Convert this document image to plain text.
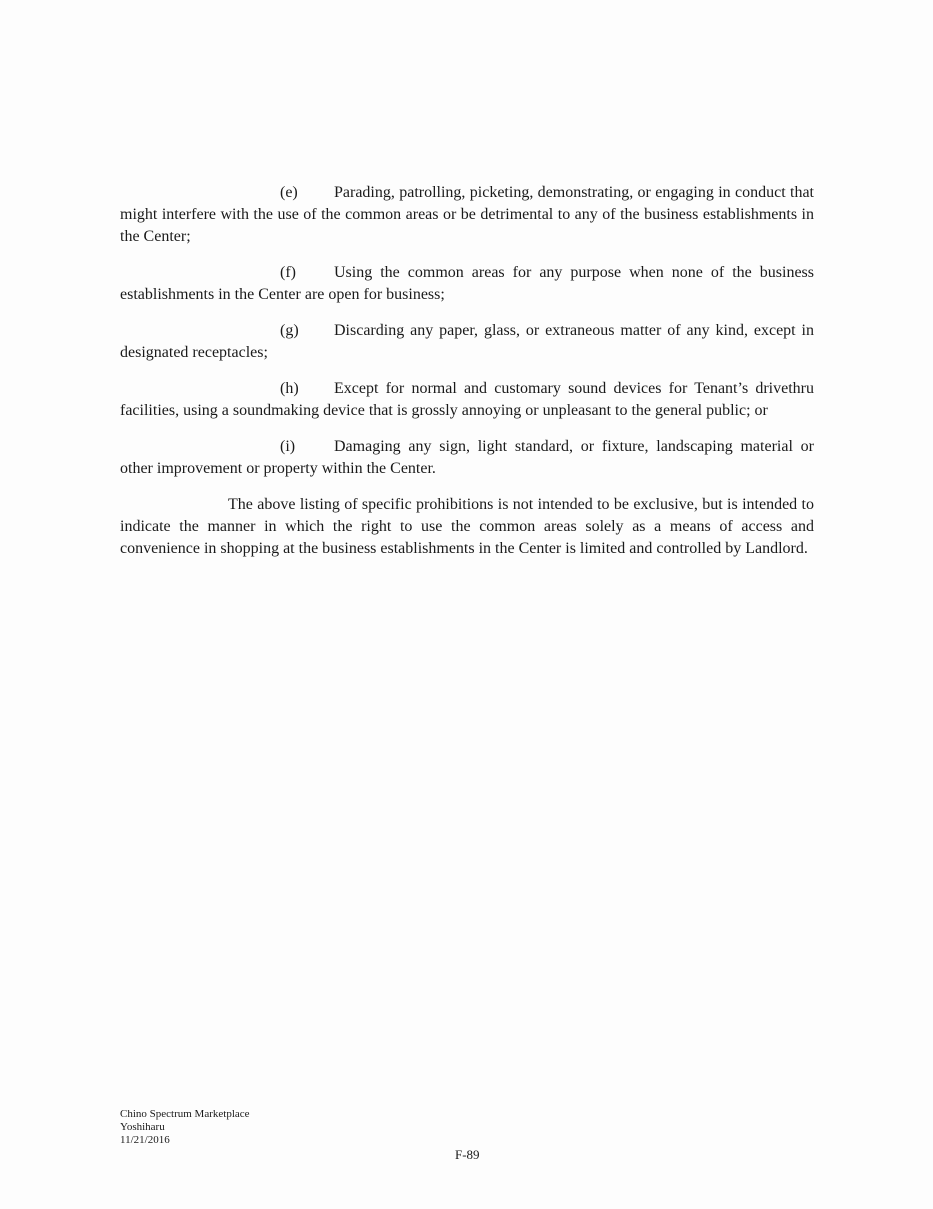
(e) Parading, patrolling, picketing, demonstrating, or engaging in conduct that might interfere with the use of the common areas or be detrimental to any of the business establishments in the Center;

(f) Using the common areas for any purpose when none of the business establishments in the Center are open for business;

(g) Discarding any paper, glass, or extraneous matter of any kind, except in designated receptacles;

(h) Except for normal and customary sound devices for Tenant’s drivethru facilities, using a soundmaking device that is grossly annoying or unpleasant to the general public; or

(i) Damaging any sign, light standard, or fixture, landscaping material or other improvement or property within the Center.

The above listing of specific prohibitions is not intended to be exclusive, but is intended to indicate the manner in which the right to use the common areas solely as a means of access and convenience in shopping at the business establishments in the Center is limited and controlled by Landlord.

Chino Spectrum Marketplace
Yoshiharu
11/21/2016
F-89
